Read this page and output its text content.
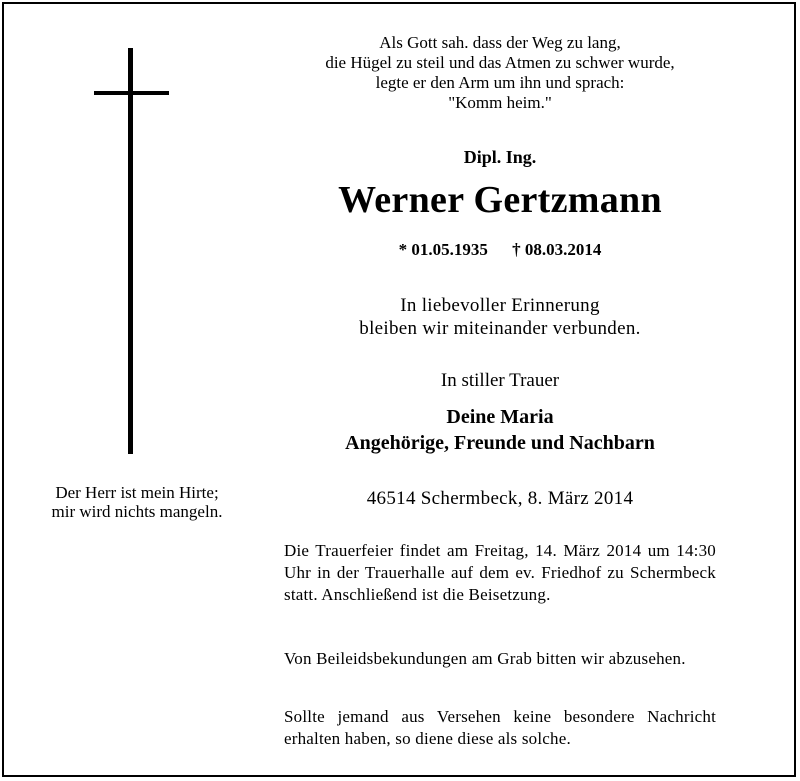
Der Herr ist mein Hirte;
mir wird nichts mangeln.
Als Gott sah. dass der Weg zu lang,
die Hügel zu steil und das Atmen zu schwer wurde,
legte er den Arm um ihn und sprach:
"Komm heim."
Dipl. Ing.
Werner Gertzmann
* 01.05.1935 † 08.03.2014
In liebevoller Erinnerung
bleiben wir miteinander verbunden.
In stiller Trauer
Deine Maria
Angehörige, Freunde und Nachbarn
46514 Schermbeck, 8. März 2014
Die Trauerfeier findet am Freitag, 14. März 2014 um 14:30 Uhr in der Trauerhalle auf dem ev. Friedhof zu Schermbeck statt. Anschließend ist die Beisetzung.
Von Beileidsbekundungen am Grab bitten wir abzusehen.
Sollte jemand aus Versehen keine besondere Nachricht erhalten haben, so diene diese als solche.
